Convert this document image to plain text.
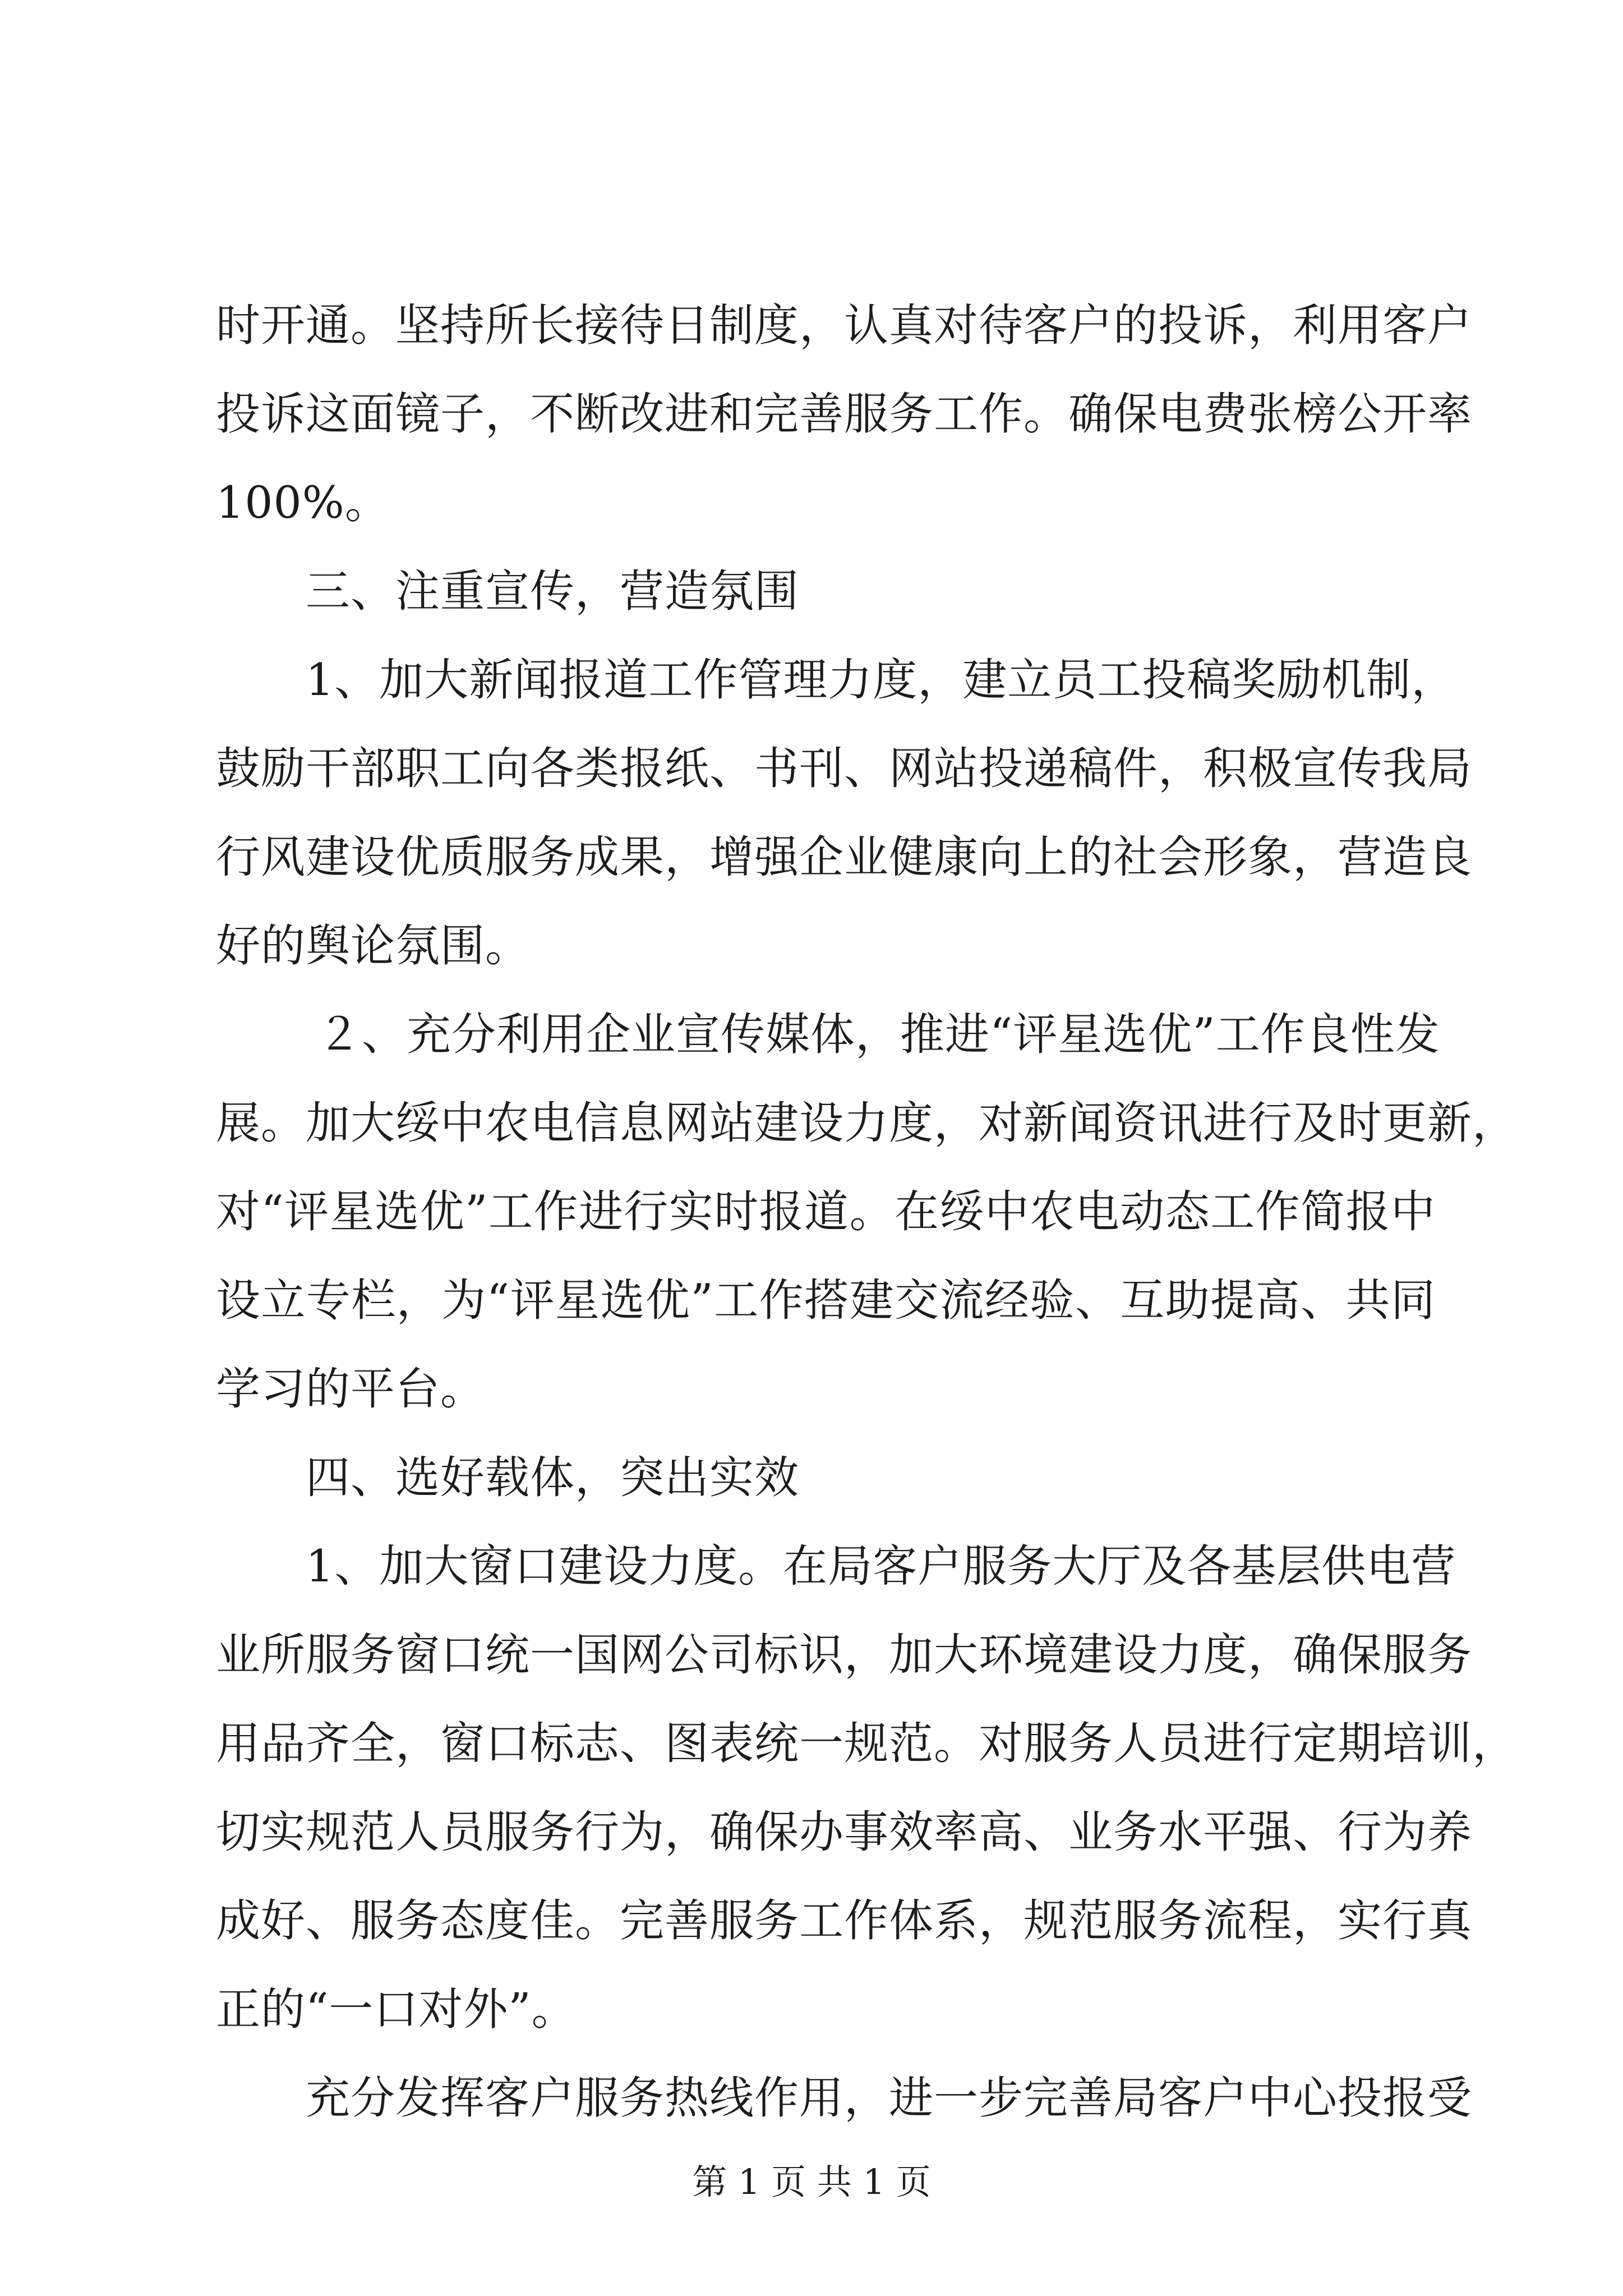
时开通。坚持所长接待日制度，认真对待客户的投诉，利用客户
投诉这面镜子，不断改进和完善服务工作。确保电费张榜公开率
100%。
三、注重宣传，营造氛围
1、加大新闻报道工作管理力度，建立员工投稿奖励机制，
鼓励干部职工向各类报纸、书刊、网站投递稿件，积极宣传我局
行风建设优质服务成果，增强企业健康向上的社会形象，营造良
好的舆论氛围。
２、充分利用企业宣传媒体，推进“评星选优”工作良性发
展。加大绥中农电信息网站建设力度，对新闻资讯进行及时更新，
对“评星选优”工作进行实时报道。在绥中农电动态工作简报中
设立专栏，为“评星选优”工作搭建交流经验、互助提高、共同
学习的平台。
四、选好载体，突出实效
1、加大窗口建设力度。在局客户服务大厅及各基层供电营
业所服务窗口统一国网公司标识，加大环境建设力度，确保服务
用品齐全，窗口标志、图表统一规范。对服务人员进行定期培训，
切实规范人员服务行为，确保办事效率高、业务水平强、行为养
成好、服务态度佳。完善服务工作体系，规范服务流程，实行真
正的“一口对外”。
充分发挥客户服务热线作用，进一步完善局客户中心投报受
第 1 页 共 1 页
